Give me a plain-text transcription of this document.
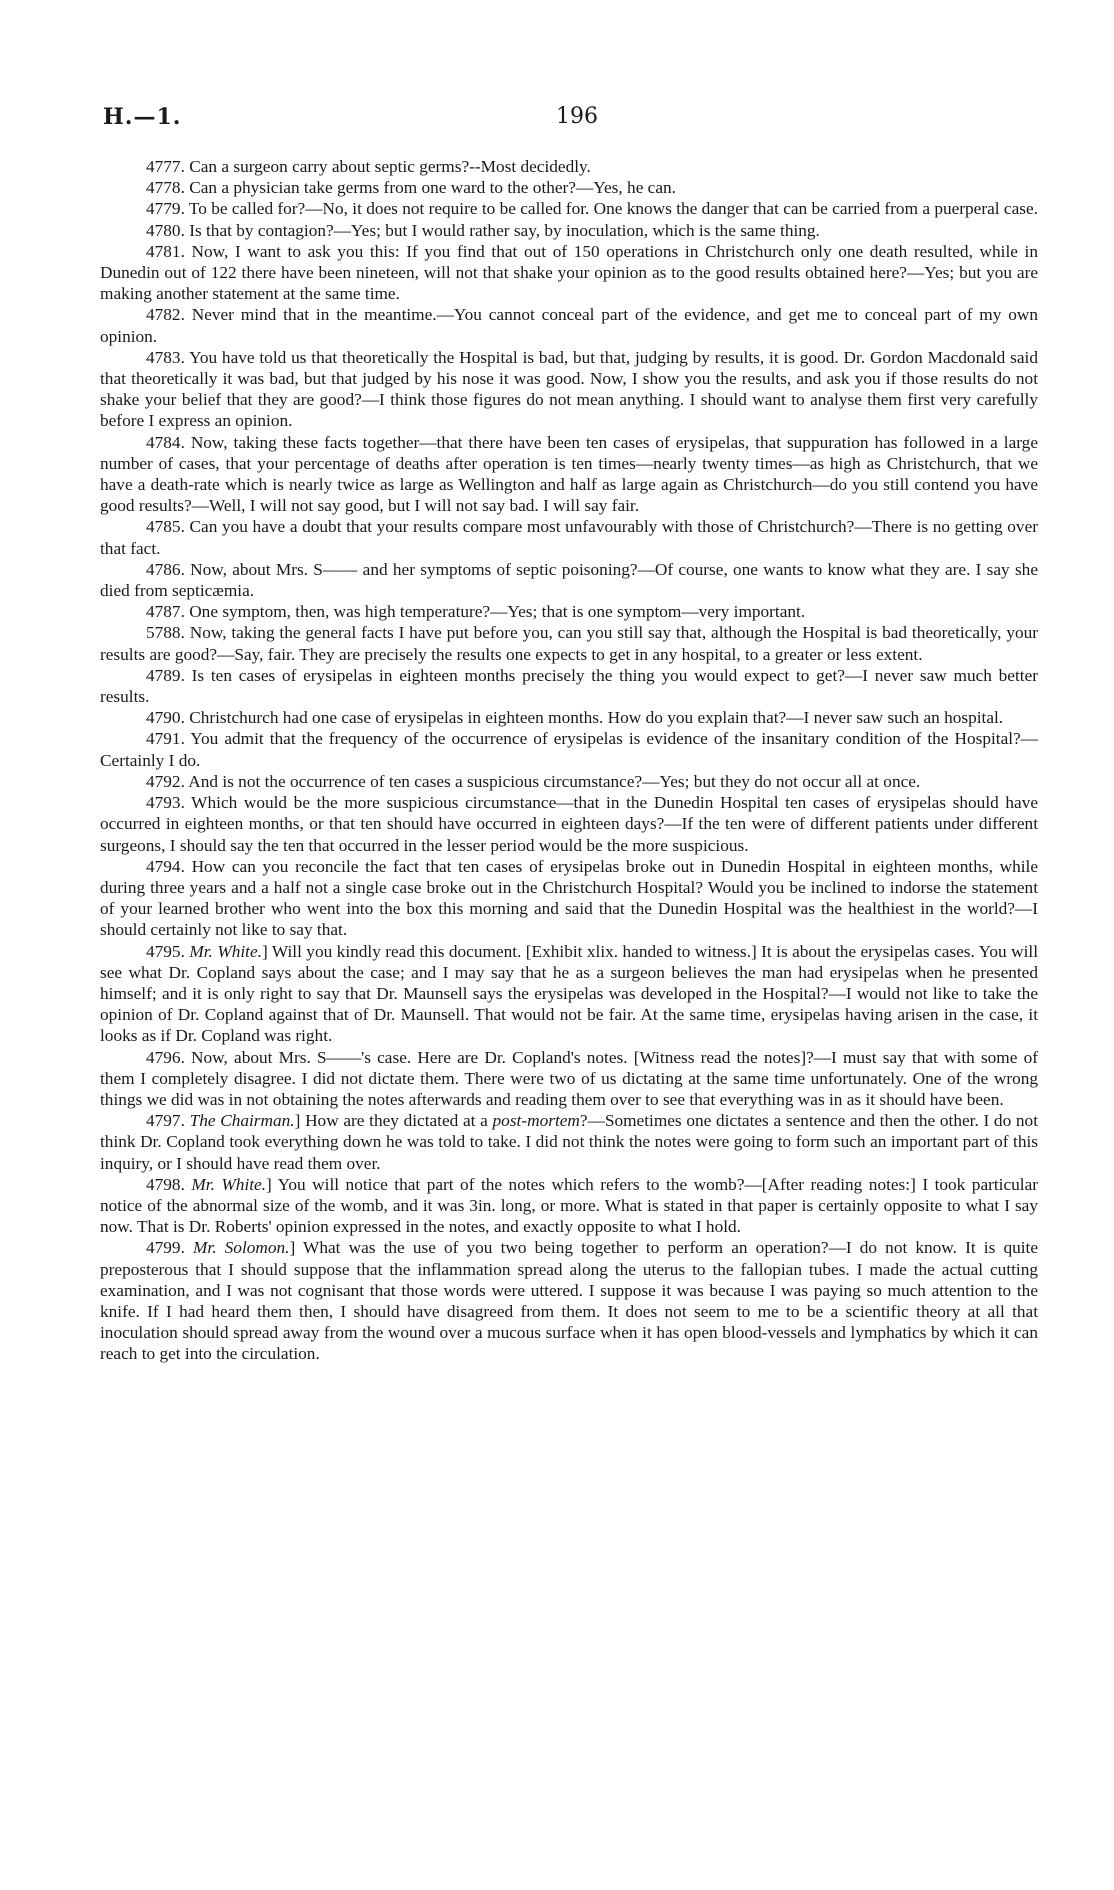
H.—1.	196

4777. Can a surgeon carry about septic germs?--Most decidedly.

4778. Can a physician take germs from one ward to the other?—Yes, he can.

4779. To be called for?—No, it does not require to be called for. One knows the danger that can be carried from a puerperal case.

4780. Is that by contagion?—Yes; but I would rather say, by inoculation, which is the same thing.

4781. Now, I want to ask you this: If you find that out of 150 operations in Christchurch only one death resulted, while in Dunedin out of 122 there have been nineteen, will not that shake your opinion as to the good results obtained here?—Yes; but you are making another statement at the same time.

4782. Never mind that in the meantime.—You cannot conceal part of the evidence, and get me to conceal part of my own opinion.

4783. You have told us that theoretically the Hospital is bad, but that, judging by results, it is good. Dr. Gordon Macdonald said that theoretically it was bad, but that judged by his nose it was good. Now, I show you the results, and ask you if those results do not shake your belief that they are good?—I think those figures do not mean anything. I should want to analyse them first very carefully before I express an opinion.

4784. Now, taking these facts together—that there have been ten cases of erysipelas, that suppuration has followed in a large number of cases, that your percentage of deaths after operation is ten times—nearly twenty times—as high as Christchurch, that we have a death-rate which is nearly twice as large as Wellington and half as large again as Christchurch—do you still contend you have good results?—Well, I will not say good, but I will not say bad. I will say fair.

4785. Can you have a doubt that your results compare most unfavourably with those of Christchurch?—There is no getting over that fact.

4786. Now, about Mrs. S—— and her symptoms of septic poisoning?—Of course, one wants to know what they are. I say she died from septicæmia.

4787. One symptom, then, was high temperature?—Yes; that is one symptom—very important.

5788. Now, taking the general facts I have put before you, can you still say that, although the Hospital is bad theoretically, your results are good?—Say, fair. They are precisely the results one expects to get in any hospital, to a greater or less extent.

4789. Is ten cases of erysipelas in eighteen months precisely the thing you would expect to get?—I never saw much better results.

4790. Christchurch had one case of erysipelas in eighteen months. How do you explain that?—I never saw such an hospital.

4791. You admit that the frequency of the occurrence of erysipelas is evidence of the insanitary condition of the Hospital?—Certainly I do.

4792. And is not the occurrence of ten cases a suspicious circumstance?—Yes; but they do not occur all at once.

4793. Which would be the more suspicious circumstance—that in the Dunedin Hospital ten cases of erysipelas should have occurred in eighteen months, or that ten should have occurred in eighteen days?—If the ten were of different patients under different surgeons, I should say the ten that occurred in the lesser period would be the more suspicious.

4794. How can you reconcile the fact that ten cases of erysipelas broke out in Dunedin Hospital in eighteen months, while during three years and a half not a single case broke out in the Christchurch Hospital? Would you be inclined to indorse the statement of your learned brother who went into the box this morning and said that the Dunedin Hospital was the healthiest in the world?—I should certainly not like to say that.

4795. Mr. White.] Will you kindly read this document. [Exhibit xlix. handed to witness.] It is about the erysipelas cases. You will see what Dr. Copland says about the case; and I may say that he as a surgeon believes the man had erysipelas when he presented himself; and it is only right to say that Dr. Maunsell says the erysipelas was developed in the Hospital?—I would not like to take the opinion of Dr. Copland against that of Dr. Maunsell. That would not be fair. At the same time, erysipelas having arisen in the case, it looks as if Dr. Copland was right.

4796. Now, about Mrs. S——'s case. Here are Dr. Copland's notes. [Witness read the notes]?—I must say that with some of them I completely disagree. I did not dictate them. There were two of us dictating at the same time unfortunately. One of the wrong things we did was in not obtaining the notes afterwards and reading them over to see that everything was in as it should have been.

4797. The Chairman.] How are they dictated at a post-mortem?—Sometimes one dictates a sentence and then the other. I do not think Dr. Copland took everything down he was told to take. I did not think the notes were going to form such an important part of this inquiry, or I should have read them over.

4798. Mr. White.] You will notice that part of the notes which refers to the womb?—[After reading notes:] I took particular notice of the abnormal size of the womb, and it was 3in. long, or more. What is stated in that paper is certainly opposite to what I say now. That is Dr. Roberts' opinion expressed in the notes, and exactly opposite to what I hold.

4799. Mr. Solomon.] What was the use of you two being together to perform an operation?—I do not know. It is quite preposterous that I should suppose that the inflammation spread along the uterus to the fallopian tubes. I made the actual cutting examination, and I was not cognisant that those words were uttered. I suppose it was because I was paying so much attention to the knife. If I had heard them then, I should have disagreed from them. It does not seem to me to be a scientific theory at all that inoculation should spread away from the wound over a mucous surface when it has open blood-vessels and lymphatics by which it can reach to get into the circulation.
